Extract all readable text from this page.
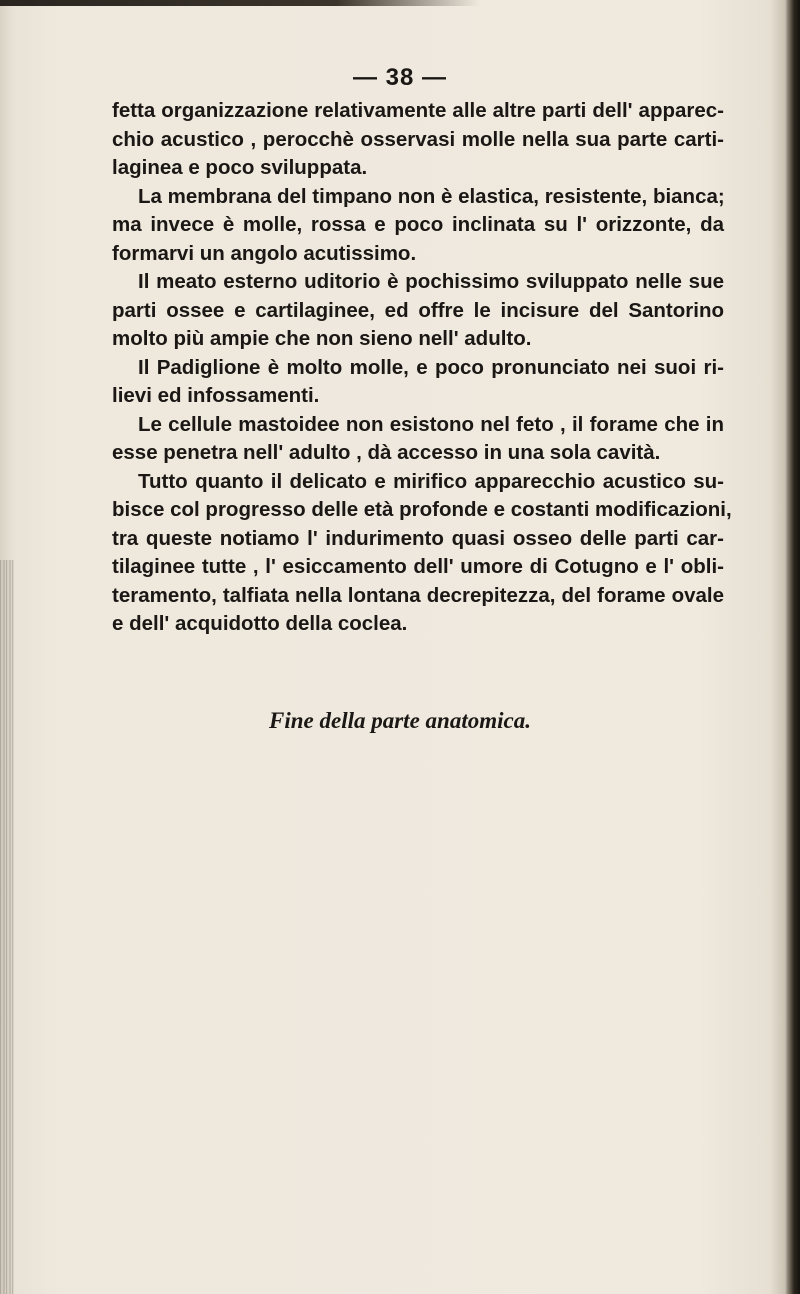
— 38 —
fetta organizzazione relativamente alle altre parti dell' apparec-
chio acustico , perocchè osservasi molle nella sua parte carti-
laginea e poco sviluppata.
La membrana del timpano non è elastica, resistente, bianca;
ma invece è molle, rossa e poco inclinata su l' orizzonte, da
formarvi un angolo acutissimo.
Il meato esterno uditorio è pochissimo sviluppato nelle sue
parti ossee e cartilaginee, ed offre le incisure del Santorino
molto più ampie che non sieno nell' adulto.
Il Padiglione è molto molle, e poco pronunciato nei suoi ri-
lievi ed infossamenti.
Le cellule mastoidee non esistono nel feto , il forame che in
esse penetra nell' adulto , dà accesso in una sola cavità.
Tutto quanto il delicato e mirifico apparecchio acustico su-
bisce col progresso delle età profonde e costanti modificazioni,
tra queste notiamo l' indurimento quasi osseo delle parti car-
tilaginee tutte , l' esiccamento dell' umore di Cotugno e l' obli-
teramento, talfiata nella lontana decrepitezza, del forame ovale
e dell' acquidotto della coclea.
Fine della parte anatomica.
